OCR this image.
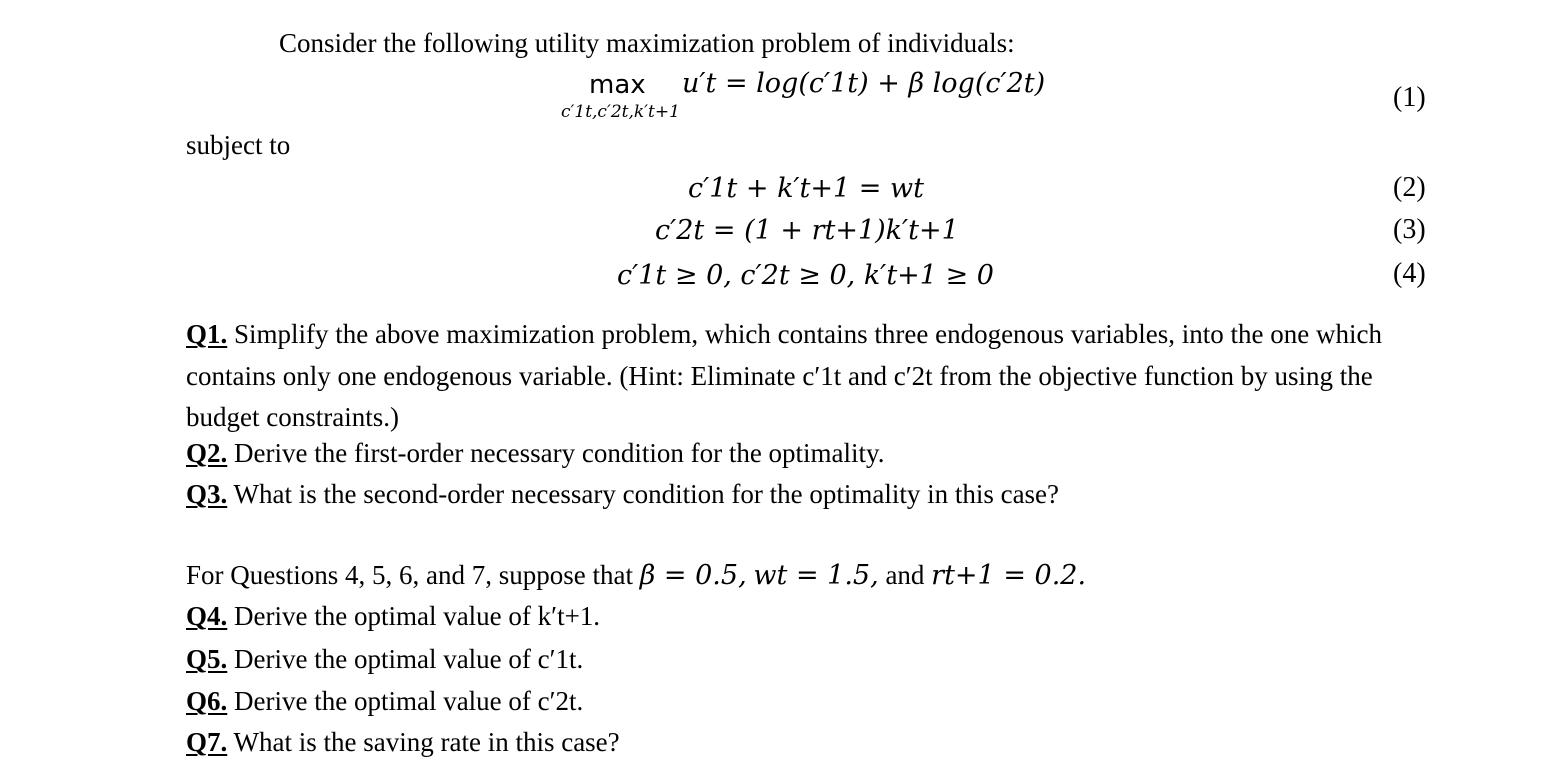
Consider the following utility maximization problem of individuals:
max
c′1t,c′2t,k′t+1
u′t = log(c′1t) + β log(c′2t)	(1)
subject to
c′1t + k′t+1 = wt	(2)
c′2t = (1 + rt+1)k′t+1	(3)
c′1t ≥ 0, c′2t ≥ 0, k′t+1 ≥ 0	(4)
Q1. Simplify the above maximization problem, which contains three endogenous variables, into the one which contains only one endogenous variable. (Hint: Eliminate c′1t and c′2t from the objective function by using the budget constraints.)
Q2. Derive the first-order necessary condition for the optimality.
Q3. What is the second-order necessary condition for the optimality in this case?
For Questions 4, 5, 6, and 7, suppose that β = 0.5, wt = 1.5, and rt+1 = 0.2.
Q4. Derive the optimal value of k′t+1.
Q5. Derive the optimal value of c′1t.
Q6. Derive the optimal value of c′2t.
Q7. What is the saving rate in this case?
